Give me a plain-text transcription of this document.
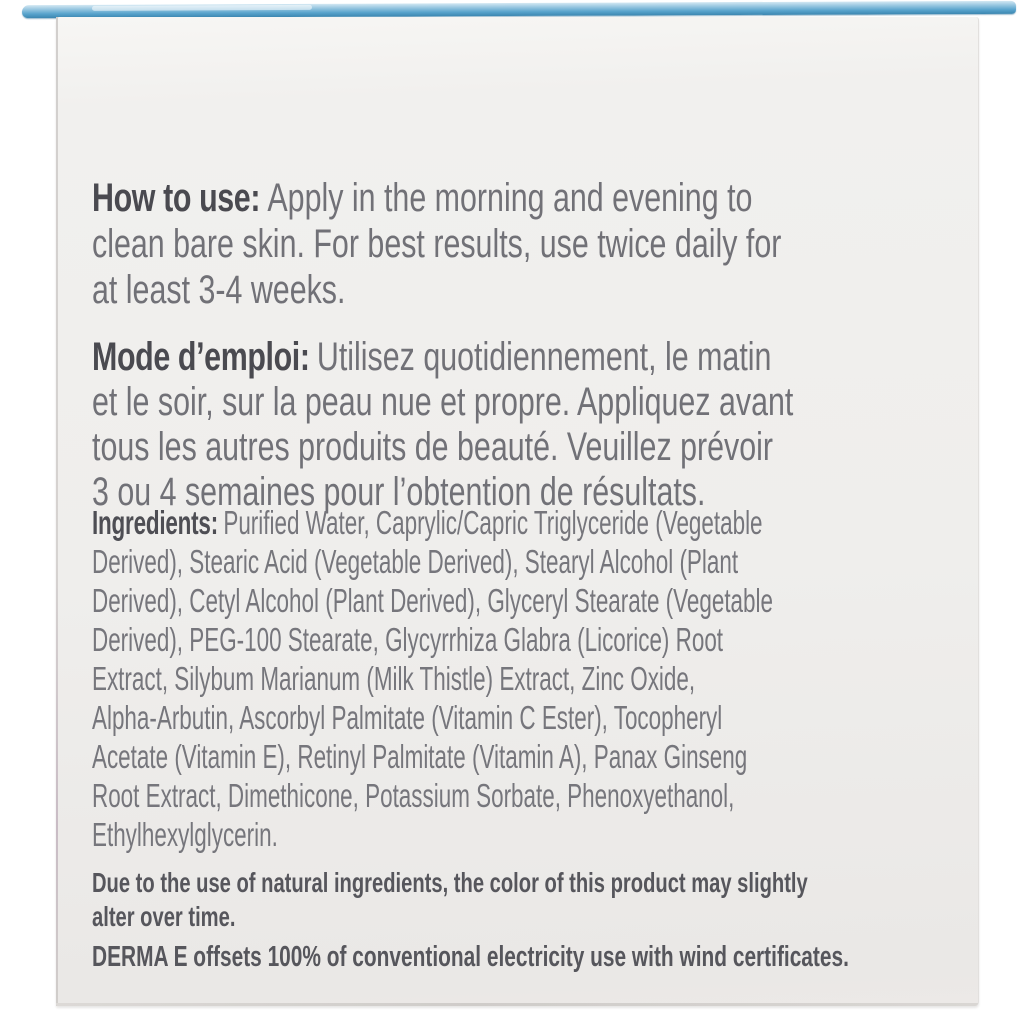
How to use: Apply in the morning and evening to
clean bare skin. For best results, use twice daily for
at least 3-4 weeks.
Mode d’emploi: Utilisez quotidiennement, le matin
et le soir, sur la peau nue et propre. Appliquez avant
tous les autres produits de beauté. Veuillez prévoir
3 ou 4 semaines pour l’obtention de résultats.
Ingredients: Purified Water, Caprylic/Capric Triglyceride (Vegetable
Derived), Stearic Acid (Vegetable Derived), Stearyl Alcohol (Plant
Derived), Cetyl Alcohol (Plant Derived), Glyceryl Stearate (Vegetable
Derived), PEG-100 Stearate, Glycyrrhiza Glabra (Licorice) Root
Extract, Silybum Marianum (Milk Thistle) Extract, Zinc Oxide,
Alpha-Arbutin, Ascorbyl Palmitate (Vitamin C Ester), Tocopheryl
Acetate (Vitamin E), Retinyl Palmitate (Vitamin A), Panax Ginseng
Root Extract, Dimethicone, Potassium Sorbate, Phenoxyethanol,
Ethylhexylglycerin.
Due to the use of natural ingredients, the color of this product may slightly
alter over time.
DERMA E offsets 100% of conventional electricity use with wind certificates.
